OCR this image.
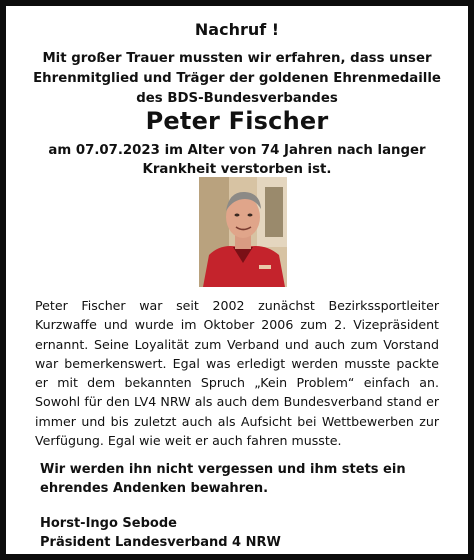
Nachruf !
Mit großer Trauer mussten wir erfahren, dass unser Ehrenmitglied und Träger der goldenen Ehrenmedaille des BDS-Bundesverbandes
Peter Fischer
am 07.07.2023 im Alter von 74 Jahren nach langer Krankheit verstorben ist.
Peter Fischer war seit 2002 zunächst Bezirkssportleiter Kurzwaffe und wurde im Oktober 2006 zum 2. Vizepräsident ernannt. Seine Loyalität zum Verband und auch zum Vorstand war bemerkenswert. Egal was erledigt werden musste packte er mit dem bekannten Spruch „Kein Problem“ einfach an. Sowohl für den LV4 NRW als auch dem Bundesverband stand er immer und bis zuletzt auch als Aufsicht bei Wettbewerben zur Verfügung. Egal wie weit er auch fahren musste.
Wir werden ihn nicht vergessen und ihm stets ein ehrendes Andenken bewahren.
Horst-Ingo Sebode
Präsident Landesverband 4 NRW
